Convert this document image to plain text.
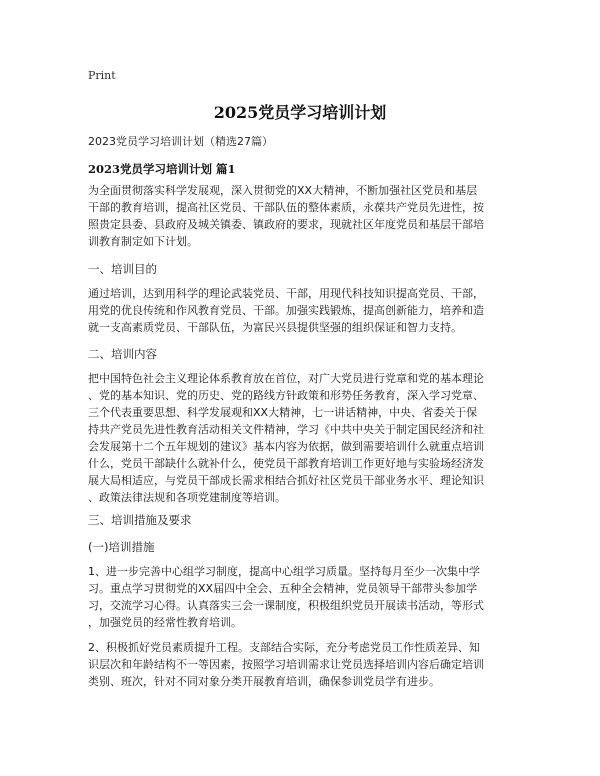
Print
2025党员学习培训计划
2023党员学习培训计划（精选27篇）
2023党员学习培训计划 篇1
为全面贯彻落实科学发展观，深入贯彻党的XX大精神，不断加强社区党员和基层
干部的教育培训，提高社区党员、干部队伍的整体素质，永葆共产党员先进性，按
照贵定县委、县政府及城关镇委、镇政府的要求，现就社区年度党员和基层干部培
训教育制定如下计划。
一、培训目的
通过培训，达到用科学的理论武装党员、干部，用现代科技知识提高党员、干部，
用党的优良传统和作风教育党员、干部。加强实践锻炼，提高创新能力，培养和造
就一支高素质党员、干部队伍，为富民兴县提供坚强的组织保证和智力支持。
二、培训内容
把中国特色社会主义理论体系教育放在首位，对广大党员进行党章和党的基本理论
、党的基本知识、党的历史、党的路线方针政策和形势任务教育，深入学习党章、
三个代表重要思想、科学发展观和XX大精神，七一讲话精神，中央、省委关于保
持共产党员先进性教育活动相关文件精神，学习《中共中央关于制定国民经济和社
会发展第十二个五年规划的建议》基本内容为依据，做到需要培训什么就重点培训
什么，党员干部缺什么就补什么，使党员干部教育培训工作更好地与实验场经济发
展大局相适应，与党员干部成长需求相结合抓好社区党员干部业务水平、理论知识
、政策法律法规和各项党建制度等培训。
三、培训措施及要求
(一)培训措施
1、进一步完善中心组学习制度，提高中心组学习质量。坚持每月至少一次集中学
习。重点学习贯彻党的XX届四中全会、五种全会精神，党员领导干部带头参加学
习，交流学习心得。认真落实三会一课制度，积极组织党员开展读书活动，等形式
，加强党员的经常性教育培训。
2、积极抓好党员素质提升工程。支部结合实际，充分考虑党员工作性质差异、知
识层次和年龄结构不一等因素，按照学习培训需求让党员选择培训内容后确定培训
类别、班次，针对不同对象分类开展教育培训，确保参训党员学有进步。
